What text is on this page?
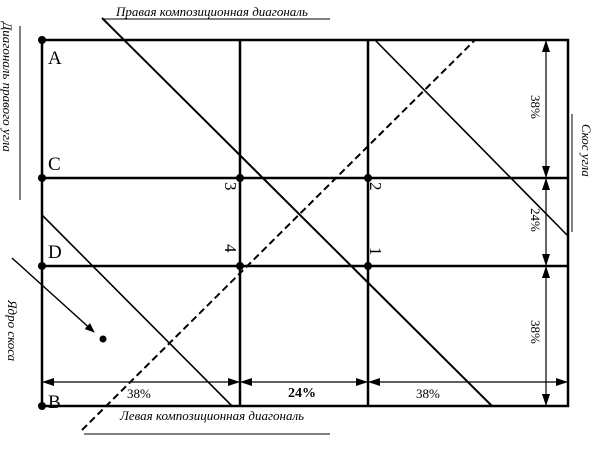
A
C
D
B
3	2
4	1
Правая композиционная диагональ
Левая композиционная диагональ
Диагональ правого угла	Скос угла
Ядро скоса
38%
24%
38%
38%	24%	38%
